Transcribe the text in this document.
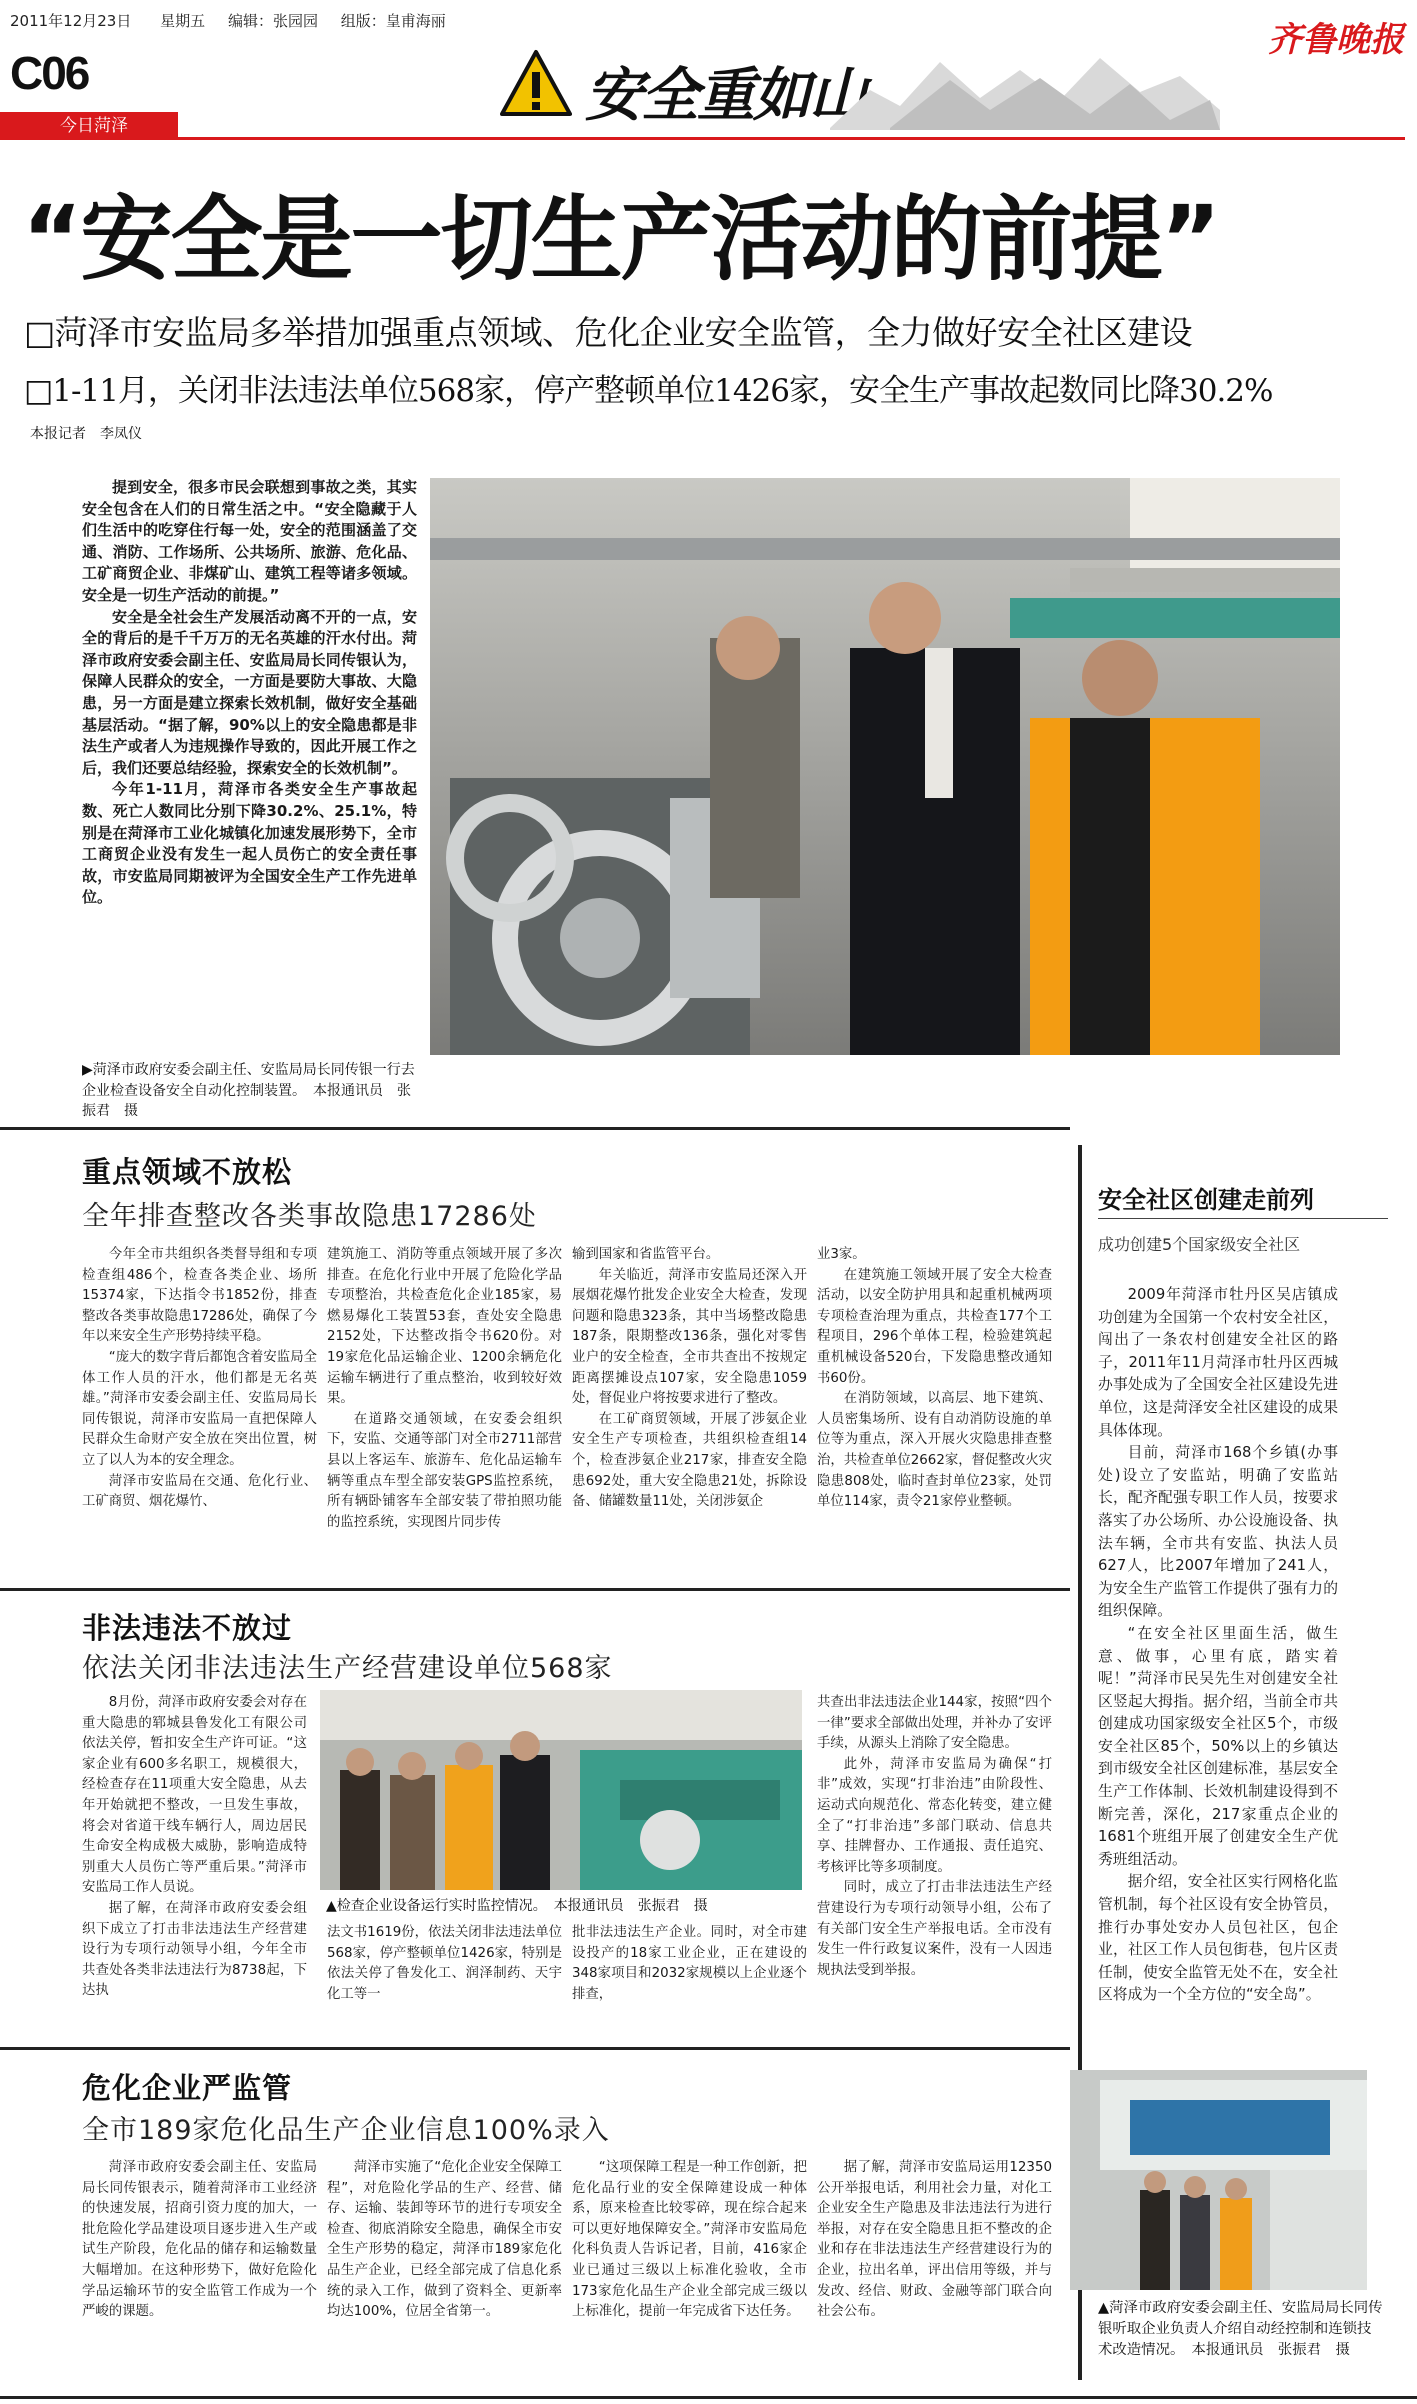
2011年12月23日 星期五 编辑：张园园 组版：皇甫海丽
C06
今日菏泽	安全重如山
齐鲁晚报
“安全是一切生产活动的前提”
□菏泽市安监局多举措加强重点领域、危化企业安全监管，全力做好安全社区建设
□1-11月，关闭非法违法单位568家，停产整顿单位1426家，安全生产事故起数同比降30.2%
本报记者　李凤仪

提到安全，很多市民会联想到事故之类，其实安全包含在人们的日常生活之中。“安全隐藏于人们生活中的吃穿住行每一处，安全的范围涵盖了交通、消防、工作场所、公共场所、旅游、危化品、工矿商贸企业、非煤矿山、建筑工程等诸多领域。安全是一切生产活动的前提。”

安全是全社会生产发展活动离不开的一点，安全的背后的是千千万万的无名英雄的汗水付出。菏泽市政府安委会副主任、安监局局长同传银认为，保障人民群众的安全，一方面是要防大事故、大隐患，另一方面是建立探索长效机制，做好安全基础基层活动。“据了解，90%以上的安全隐患都是非法生产或者人为违规操作导致的，因此开展工作之后，我们还要总结经验，探索安全的长效机制”。

今年1-11月，菏泽市各类安全生产事故起数、死亡人数同比分别下降30.2%、25.1%，特别是在菏泽市工业化城镇化加速发展形势下，全市工商贸企业没有发生一起人员伤亡的安全责任事故，市安监局同期被评为全国安全生产工作先进单位。

▶菏泽市政府安委会副主任、安监局局长同传银一行去企业检查设备安全自动化控制装置。　本报通讯员　张振君　摄
重点领域不放松
全年排查整改各类事故隐患17286处

今年全市共组织各类督导组和专项检查组486个，检查各类企业、场所15374家，下达指令书1852份，排查整改各类事故隐患17286处，确保了今年以来安全生产形势持续平稳。

“庞大的数字背后都饱含着安监局全体工作人员的汗水，他们都是无名英雄。”菏泽市安委会副主任、安监局局长同传银说，菏泽市安监局一直把保障人民群众生命财产安全放在突出位置，树立了以人为本的安全理念。

菏泽市安监局在交通、危化行业、工矿商贸、烟花爆竹、

建筑施工、消防等重点领域开展了多次排查。在危化行业中开展了危险化学品专项整治，共检查危化企业185家，易燃易爆化工装置53套，查处安全隐患2152处，下达整改指令书620份。对19家危化品运输企业、1200余辆危化运输车辆进行了重点整治，收到较好效果。

在道路交通领域，在安委会组织下，安监、交通等部门对全市2711部营县以上客运车、旅游车、危化品运输车辆等重点车型全部安装GPS监控系统，所有辆卧铺客车全部安装了带拍照功能的监控系统，实现图片同步传

输到国家和省监管平台。

年关临近，菏泽市安监局还深入开展烟花爆竹批发企业安全大检查，发现问题和隐患323条，其中当场整改隐患187条，限期整改136条，强化对零售业户的安全检查，全市共查出不按规定距离摆摊设点107家，安全隐患1059处，督促业户将按要求进行了整改。

在工矿商贸领域，开展了涉氨企业安全生产专项检查，共组织检查组14个，检查涉氨企业217家，排查安全隐患692处，重大安全隐患21处，拆除设备、储罐数量11处，关闭涉氨企

业3家。

在建筑施工领域开展了安全大检查活动，以安全防护用具和起重机械两项专项检查治理为重点，共检查177个工程项目，296个单体工程，检验建筑起重机械设备520台，下发隐患整改通知书60份。

在消防领域，以高层、地下建筑、人员密集场所、设有自动消防设施的单位等为重点，深入开展火灾隐患排查整治，共检查单位2662家，督促整改火灾隐患808处，临时查封单位23家，处罚单位114家，责令21家停业整顿。

非法违法不放过
依法关闭非法违法生产经营建设单位568家

8月份，菏泽市政府安委会对存在重大隐患的郓城县鲁发化工有限公司依法关停，暂扣安全生产许可证。“这家企业有600多名职工，规模很大，经检查存在11项重大安全隐患，从去年开始就把不整改，一旦发生事故，将会对省道干线车辆行人，周边居民生命安全构成极大威胁，影响造成特别重大人员伤亡等严重后果。”菏泽市安监局工作人员说。

据了解，在菏泽市政府安委会组织下成立了打击非法违法生产经营建设行为专项行动领导小组，今年全市共查处各类非法违法行为8738起，下达执

▲检查企业设备运行实时监控情况。　本报通讯员　张振君　摄

法文书1619份，依法关闭非法违法单位568家，停产整顿单位1426家，特别是依法关停了鲁发化工、润泽制药、天宇化工等一

批非法违法生产企业。同时，对全市建设投产的18家工业企业，正在建设的348家项目和2032家规模以上企业逐个排查，

共查出非法违法企业144家，按照“四个一律”要求全部做出处理，并补办了安评手续，从源头上消除了安全隐患。

此外，菏泽市安监局为确保“打非”成效，实现“打非治违”由阶段性、运动式向规范化、常态化转变，建立健全了“打非治违”多部门联动、信息共享、挂牌督办、工作通报、责任追究、考核评比等多项制度。

同时，成立了打击非法违法生产经营建设行为专项行动领导小组，公布了有关部门安全生产举报电话。全市没有发生一件行政复议案件，没有一人因违规执法受到举报。

危化企业严监管
全市189家危化品生产企业信息100%录入

菏泽市政府安委会副主任、安监局局长同传银表示，随着菏泽市工业经济的快速发展，招商引资力度的加大，一批危险化学品建设项目逐步进入生产或试生产阶段，危化品的储存和运输数量大幅增加。在这种形势下，做好危险化学品运输环节的安全监管工作成为一个严峻的课题。

菏泽市实施了“危化企业安全保障工程”，对危险化学品的生产、经营、储存、运输、装卸等环节的进行专项安全检查、彻底消除安全隐患，确保全市安全生产形势的稳定，菏泽市189家危化品生产企业，已经全部完成了信息化系统的录入工作，做到了资料全、更新率均达100%，位居全省第一。

“这项保障工程是一种工作创新，把危化品行业的安全保障建设成一种体系，原来检查比较零碎，现在综合起来可以更好地保障安全。”菏泽市安监局危化科负责人告诉记者，目前，416家企业已通过三级以上标准化验收，全市173家危化品生产企业全部完成三级以上标准化，提前一年完成省下达任务。

据了解，菏泽市安监局运用12350公开举报电话，利用社会力量，对化工企业安全生产隐患及非法违法行为进行举报，对存在安全隐患且拒不整改的企业和存在非法违法生产经营建设行为的企业，拉出名单，评出信用等级，并与发改、经信、财政、金融等部门联合向社会公布。

安全社区创建走前列
成功创建5个国家级安全社区

2009年菏泽市牡丹区吴店镇成功创建为全国第一个农村安全社区，闯出了一条农村创建安全社区的路子，2011年11月菏泽市牡丹区西城办事处成为了全国安全社区建设先进单位，这是菏泽安全社区建设的成果具体体现。

目前，菏泽市168个乡镇(办事处)设立了安监站，明确了安监站长，配齐配强专职工作人员，按要求落实了办公场所、办公设施设备、执法车辆，全市共有安监、执法人员627人，比2007年增加了241人，为安全生产监管工作提供了强有力的组织保障。

“在安全社区里面生活，做生意、做事，心里有底，踏实着呢！”菏泽市民吴先生对创建安全社区竖起大拇指。据介绍，当前全市共创建成功国家级安全社区5个，市级安全社区85个，50%以上的乡镇达到市级安全社区创建标准，基层安全生产工作体制、长效机制建设得到不断完善，深化，217家重点企业的1681个班组开展了创建安全生产优秀班组活动。

据介绍，安全社区实行网格化监管机制，每个社区设有安全协管员，推行办事处安办人员包社区，包企业，社区工作人员包街巷，包片区责任制，使安全监管无处不在，安全社区将成为一个全方位的“安全岛”。

▲菏泽市政府安委会副主任、安监局局长同传银听取企业负责人介绍自动经控制和连锁技术改造情况。　本报通讯员　张振君　摄
